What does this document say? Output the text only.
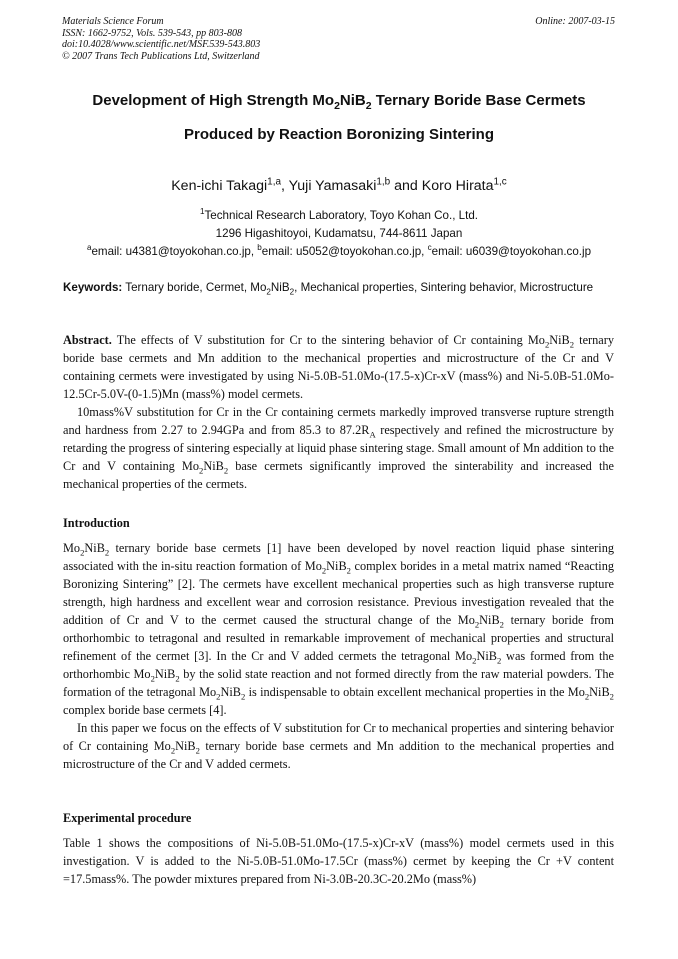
Materials Science Forum
ISSN: 1662-9752, Vols. 539-543, pp 803-808
doi:10.4028/www.scientific.net/MSF.539-543.803
© 2007 Trans Tech Publications Ltd, Switzerland
Online: 2007-03-15
Development of High Strength $Mo_2NiB_2$ Ternary Boride Base Cermets
Produced by Reaction Boronizing Sintering
Ken-ichi Takagi$^{1,a}$, Yuji Yamasaki$^{1,b}$ and Koro Hirata$^{1,c}$
$^1$Technical Research Laboratory, Toyo Kohan Co., Ltd.
1296 Higashitoyoi, Kudamatsu, 744-8611 Japan
$^a$email: u4381@toyokohan.co.jp, $^b$email: u5052@toyokohan.co.jp, $^c$email: u6039@toyokohan.co.jp
Keywords: Ternary boride, Cermet, $Mo_2NiB_2$, Mechanical properties, Sintering behavior, Microstructure

Abstract. The effects of V substitution for Cr to the sintering behavior of Cr containing $Mo_2NiB_2$ ternary boride base cermets and Mn addition to the mechanical properties and microstructure of the Cr and V containing cermets were investigated by using Ni-5.0B-51.0Mo-(17.5-x)Cr-xV (mass%) and Ni-5.0B-51.0Mo-12.5Cr-5.0V-(0-1.5)Mn (mass%) model cermets.

10mass%V substitution for Cr in the Cr containing cermets markedly improved transverse rupture strength and hardness from 2.27 to 2.94GPa and from 85.3 to $87.2R_A$ respectively and refined the microstructure by retarding the progress of sintering especially at liquid phase sintering stage. Small amount of Mn addition to the Cr and V containing $Mo_2NiB_2$ base cermets significantly improved the sinterability and increased the mechanical properties of the cermets.

Introduction

$Mo_2NiB_2$ ternary boride base cermets [1] have been developed by novel reaction liquid phase sintering associated with the in-situ reaction formation of $Mo_2NiB_2$ complex borides in a metal matrix named “Reacting Boronizing Sintering” [2]. The cermets have excellent mechanical properties such as high transverse rupture strength, high hardness and excellent wear and corrosion resistance. Previous investigation revealed that the addition of Cr and V to the cermet caused the structural change of the $Mo_2NiB_2$ ternary boride from orthorhombic to tetragonal and resulted in remarkable improvement of mechanical properties and structural refinement of the cermet [3]. In the Cr and V added cermets the tetragonal $Mo_2NiB_2$ was formed from the orthorhombic $Mo_2NiB_2$ by the solid state reaction and not formed directly from the raw material powders. The formation of the tetragonal $Mo_2NiB_2$ is indispensable to obtain excellent mechanical properties in the $Mo_2NiB_2$ complex boride base cermets [4].

In this paper we focus on the effects of V substitution for Cr to mechanical properties and sintering behavior of Cr containing $Mo_2NiB_2$ ternary boride base cermets and Mn addition to the mechanical properties and microstructure of the Cr and V added cermets.

Experimental procedure

Table 1 shows the compositions of Ni-5.0B-51.0Mo-(17.5-x)Cr-xV (mass%) model cermets used in this investigation. V is added to the Ni-5.0B-51.0Mo-17.5Cr (mass%) cermet by keeping the Cr +V content =17.5mass%. The powder mixtures prepared from Ni-3.0B-20.3C-20.2Mo (mass%)
